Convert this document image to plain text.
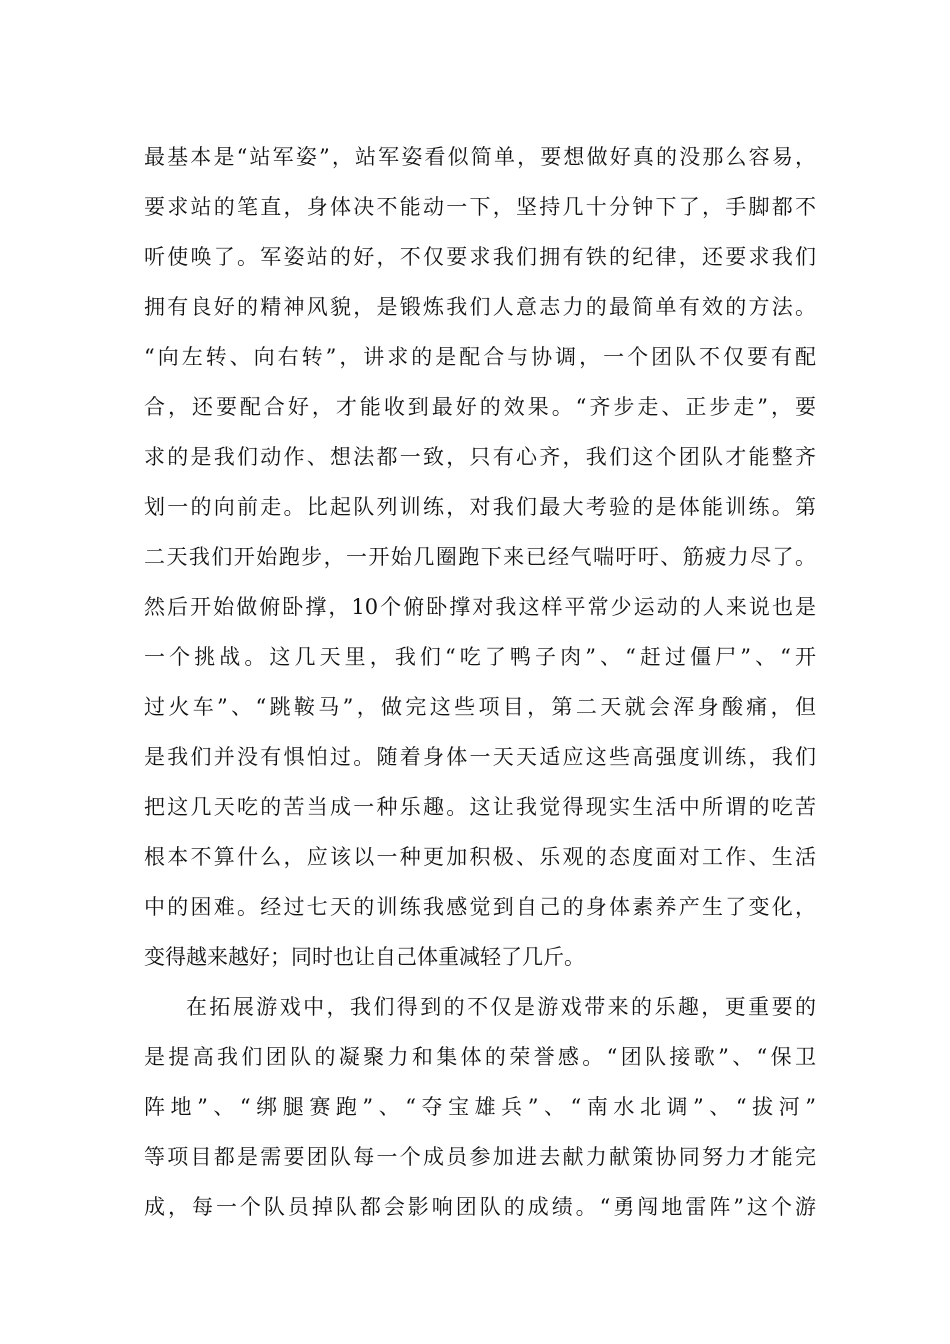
最基本是“站军姿”，站军姿看似简单，要想做好真的没那么容易，
要求站的笔直，身体决不能动一下，坚持几十分钟下了，手脚都不
听使唤了。军姿站的好，不仅要求我们拥有铁的纪律，还要求我们
拥有良好的精神风貌，是锻炼我们人意志力的最简单有效的方法。
“向左转、向右转”，讲求的是配合与协调，一个团队不仅要有配
合，还要配合好，才能收到最好的效果。“齐步走、正步走”，要
求的是我们动作、想法都一致，只有心齐，我们这个团队才能整齐
划一的向前走。比起队列训练，对我们最大考验的是体能训练。第
二天我们开始跑步，一开始几圈跑下来已经气喘吁吁、筋疲力尽了。
然后开始做俯卧撑，10个俯卧撑对我这样平常少运动的人来说也是
一个挑战。这几天里，我们“吃了鸭子肉”、“赶过僵尸”、“开
过火车”、“跳鞍马”，做完这些项目，第二天就会浑身酸痛，但
是我们并没有惧怕过。随着身体一天天适应这些高强度训练，我们
把这几天吃的苦当成一种乐趣。这让我觉得现实生活中所谓的吃苦
根本不算什么，应该以一种更加积极、乐观的态度面对工作、生活
中的困难。经过七天的训练我感觉到自己的身体素养产生了变化，
变得越来越好；同时也让自己体重减轻了几斤。
在拓展游戏中，我们得到的不仅是游戏带来的乐趣，更重要的
是提高我们团队的凝聚力和集体的荣誉感。“团队接歌”、“保卫
阵地”、“绑腿赛跑”、“夺宝雄兵”、“南水北调”、“拔河”
等项目都是需要团队每一个成员参加进去献力献策协同努力才能完
成，每一个队员掉队都会影响团队的成绩。“勇闯地雷阵”这个游
